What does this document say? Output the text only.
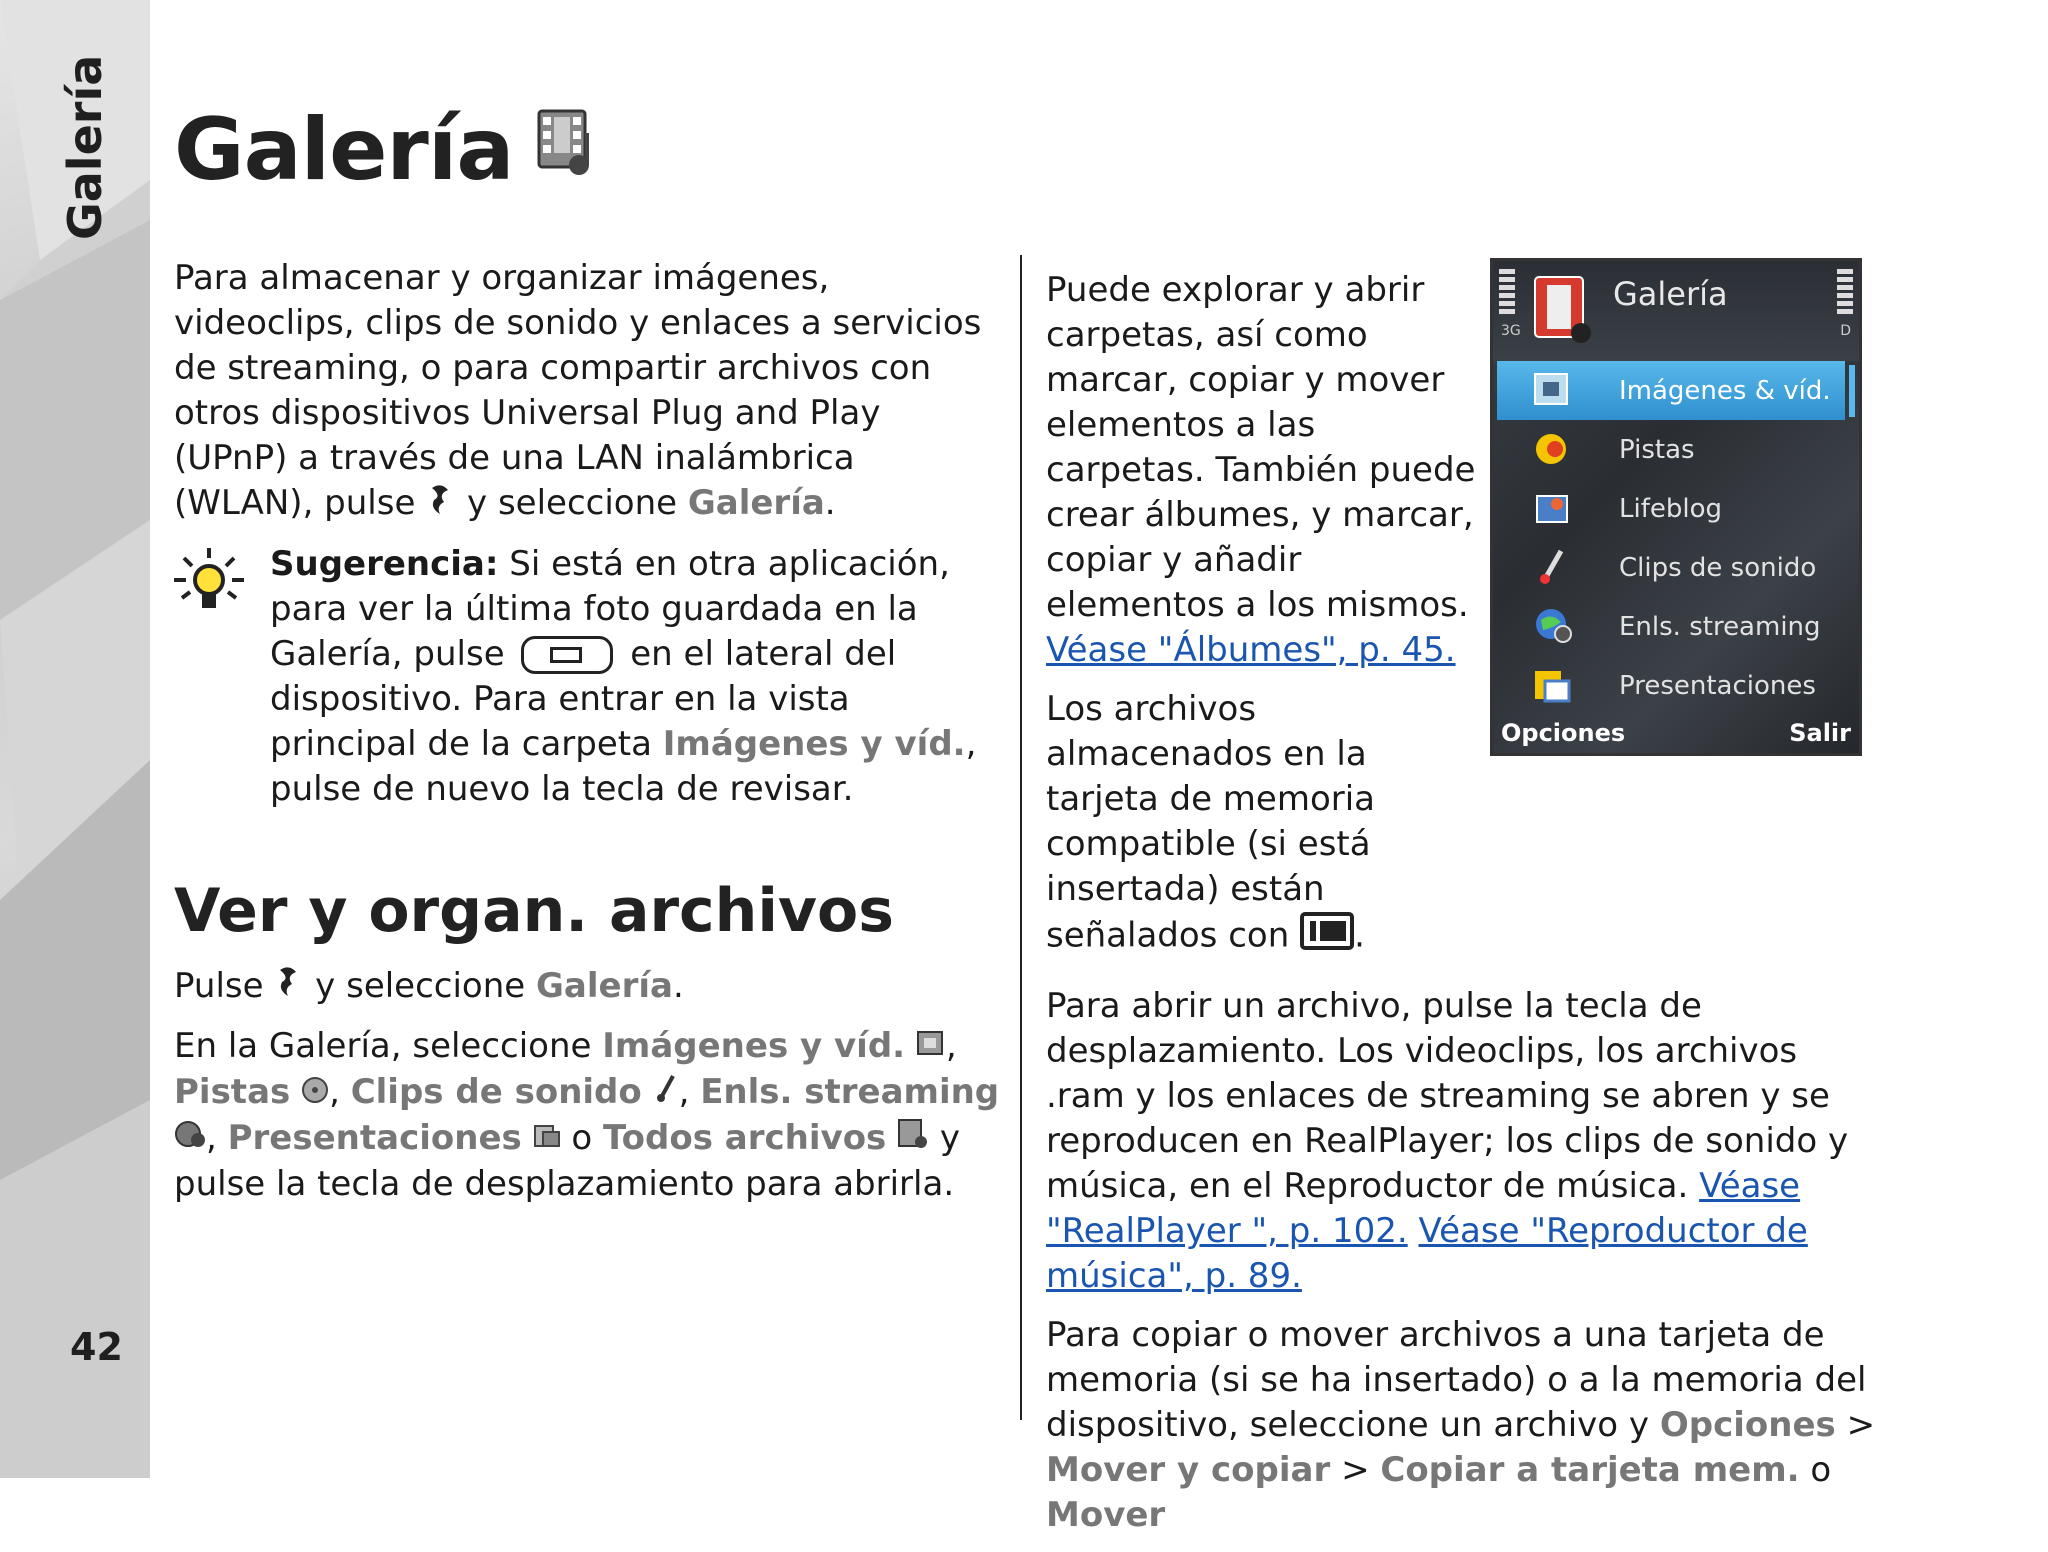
Galería
42
Galería

Para almacenar y organizar imágenes, videoclips, clips de sonido y enlaces a servicios de streaming, o para compartir archivos con otros dispositivos Universal Plug and Play (UPnP) a través de una LAN inalámbrica (WLAN), pulse y seleccione Galería.

Sugerencia: Si está en otra aplicación, para ver la última foto guardada en la Galería, pulse	en el lateral del dispositivo. Para entrar en la vista principal de la carpeta Imágenes y víd., pulse de nuevo la tecla de revisar.
Ver y organ. archivos

Pulse y seleccione Galería.

En la Galería, seleccione Imágenes y víd. , Pistas , Clips de sonido , Enls. streaming , Presentaciones o Todos archivos y pulse la tecla de desplazamiento para abrirla.

3G	D
Galería
Imágenes & víd.
Pistas
Lifeblog
Clips de sonido
Enls. streaming
Presentaciones
Opciones	Salir

Puede explorar y abrir carpetas, así como marcar, copiar y mover elementos a las carpetas. También puede crear álbumes, y marcar, copiar y añadir elementos a los mismos. Véase "Álbumes", p. 45.

Los archivos almacenados en la tarjeta de memoria compatible (si está insertada) están señalados con .

Para abrir un archivo, pulse la tecla de desplazamiento. Los videoclips, los archivos .ram y los enlaces de streaming se abren y se reproducen en RealPlayer; los clips de sonido y música, en el Reproductor de música. Véase "RealPlayer ", p. 102. Véase "Reproductor de música", p. 89.

Para copiar o mover archivos a una tarjeta de memoria (si se ha insertado) o a la memoria del dispositivo, seleccione un archivo y Opciones > Mover y copiar > Copiar a tarjeta mem. o Mover
